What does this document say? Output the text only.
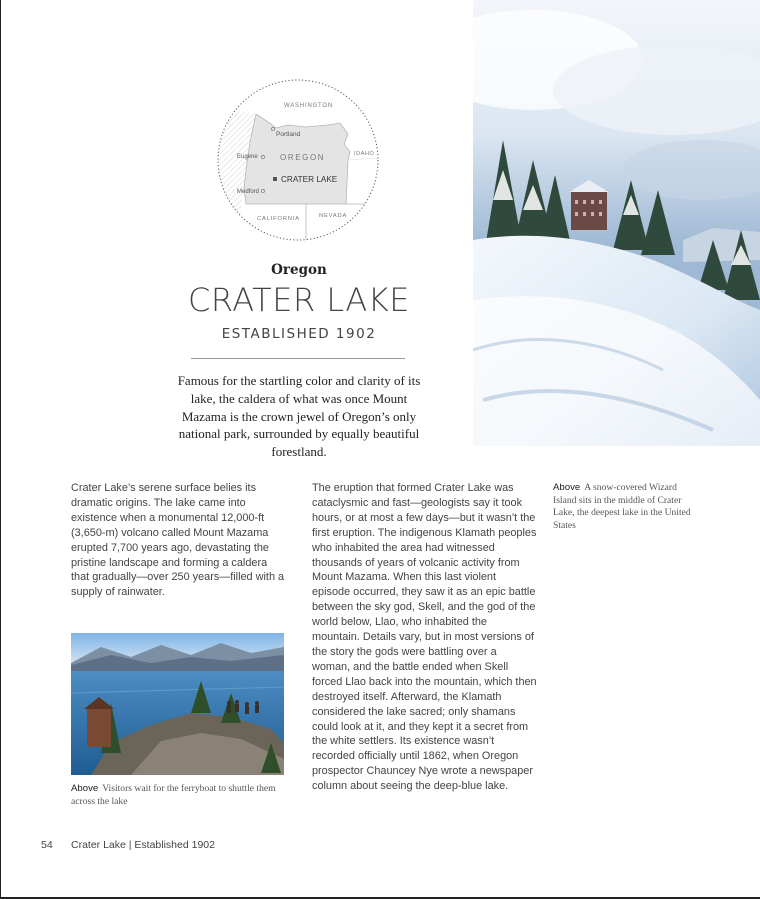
WASHINGTON
Portland
IDAHO
Eugene	OREGON
CRATER LAKE
Medford
CALIFORNIA	NEVADA
Oregon
CRATER LAKE
ESTABLISHED 1902

Famous for the startling color and clarity of its lake, the caldera of what was once Mount Mazama is the crown jewel of Oregon’s only national park, surrounded by equally beautiful forestland.

Crater Lake’s serene surface belies its dramatic origins. The lake came into existence when a monumental 12,000-ft (3,650-m) volcano called Mount Mazama erupted 7,700 years ago, devastating the pristine landscape and forming a caldera that gradually—over 250 years—filled with a supply of rainwater.

The eruption that formed Crater Lake was cataclysmic and fast—geologists say it took hours, or at most a few days—but it wasn’t the first eruption. The indigenous Klamath peoples who inhabited the area had witnessed thousands of years of volcanic activity from Mount Mazama. When this last violent episode occurred, they saw it as an epic battle between the sky god, Skell, and the god of the world below, Llao, who inhabited the mountain. Details vary, but in most versions of the story the gods were battling over a woman, and the battle ended when Skell forced Llao back into the mountain, which then destroyed itself. Afterward, the Klamath considered the lake sacred; only shamans could look at it, and they kept it a secret from the white settlers. Its existence wasn’t recorded officially until 1862, when Oregon prospector Chauncey Nye wrote a newspaper column about seeing the deep-blue lake.

Above A snow-covered Wizard Island sits in the middle of Crater Lake, the deepest lake in the United States

Above Visitors wait for the ferryboat to shuttle them across the lake

54 Crater Lake | Established 1902
